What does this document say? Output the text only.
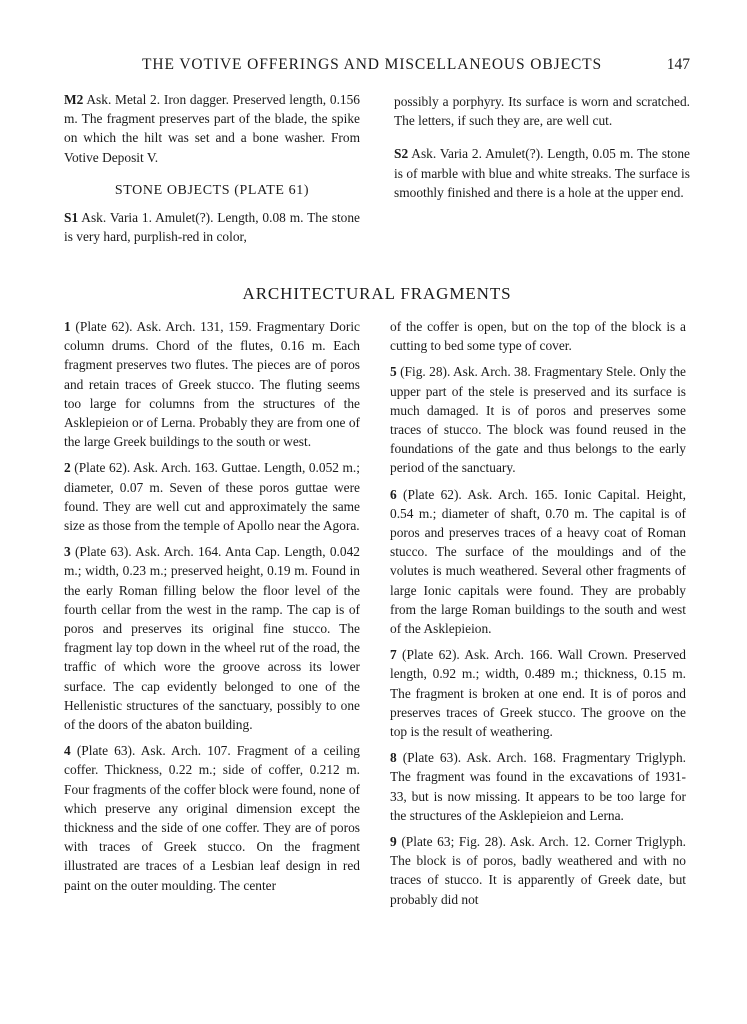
THE VOTIVE OFFERINGS AND MISCELLANEOUS OBJECTS	147

M2 Ask. Metal 2. Iron dagger. Preserved length, 0.156 m. The fragment preserves part of the blade, the spike on which the hilt was set and a bone washer. From Votive Deposit V.

STONE OBJECTS (PLATE 61)

S1 Ask. Varia 1. Amulet(?). Length, 0.08 m. The stone is very hard, purplish-red in color,

possibly a porphyry. Its surface is worn and scratched. The letters, if such they are, are well cut.

S2 Ask. Varia 2. Amulet(?). Length, 0.05 m. The stone is of marble with blue and white streaks. The surface is smoothly finished and there is a hole at the upper end.

ARCHITECTURAL FRAGMENTS

1 (Plate 62). Ask. Arch. 131, 159. Fragmentary Doric column drums. Chord of the flutes, 0.16 m. Each fragment preserves two flutes. The pieces are of poros and retain traces of Greek stucco. The fluting seems too large for columns from the structures of the Asklepieion or of Lerna. Probably they are from one of the large Greek buildings to the south or west.

2 (Plate 62). Ask. Arch. 163. Guttae. Length, 0.052 m.; diameter, 0.07 m. Seven of these poros guttae were found. They are well cut and approximately the same size as those from the temple of Apollo near the Agora.

3 (Plate 63). Ask. Arch. 164. Anta Cap. Length, 0.042 m.; width, 0.23 m.; preserved height, 0.19 m. Found in the early Roman filling below the floor level of the fourth cellar from the west in the ramp. The cap is of poros and preserves its original fine stucco. The fragment lay top down in the wheel rut of the road, the traffic of which wore the groove across its lower surface. The cap evidently belonged to one of the Hellenistic structures of the sanctuary, possibly to one of the doors of the abaton building.

4 (Plate 63). Ask. Arch. 107. Fragment of a ceiling coffer. Thickness, 0.22 m.; side of coffer, 0.212 m. Four fragments of the coffer block were found, none of which preserve any original dimension except the thickness and the side of one coffer. They are of poros with traces of Greek stucco. On the fragment illustrated are traces of a Lesbian leaf design in red paint on the outer moulding. The center

of the coffer is open, but on the top of the block is a cutting to bed some type of cover.

5 (Fig. 28). Ask. Arch. 38. Fragmentary Stele. Only the upper part of the stele is preserved and its surface is much damaged. It is of poros and preserves some traces of stucco. The block was found reused in the foundations of the gate and thus belongs to the early period of the sanctuary.

6 (Plate 62). Ask. Arch. 165. Ionic Capital. Height, 0.54 m.; diameter of shaft, 0.70 m. The capital is of poros and preserves traces of a heavy coat of Roman stucco. The surface of the mouldings and of the volutes is much weathered. Several other fragments of large Ionic capitals were found. They are probably from the large Roman buildings to the south and west of the Asklepieion.

7 (Plate 62). Ask. Arch. 166. Wall Crown. Preserved length, 0.92 m.; width, 0.489 m.; thickness, 0.15 m. The fragment is broken at one end. It is of poros and preserves traces of Greek stucco. The groove on the top is the result of weathering.

8 (Plate 63). Ask. Arch. 168. Fragmentary Triglyph. The fragment was found in the excavations of 1931-33, but is now missing. It appears to be too large for the structures of the Asklepieion and Lerna.

9 (Plate 63; Fig. 28). Ask. Arch. 12. Corner Triglyph. The block is of poros, badly weathered and with no traces of stucco. It is apparently of Greek date, but probably did not
